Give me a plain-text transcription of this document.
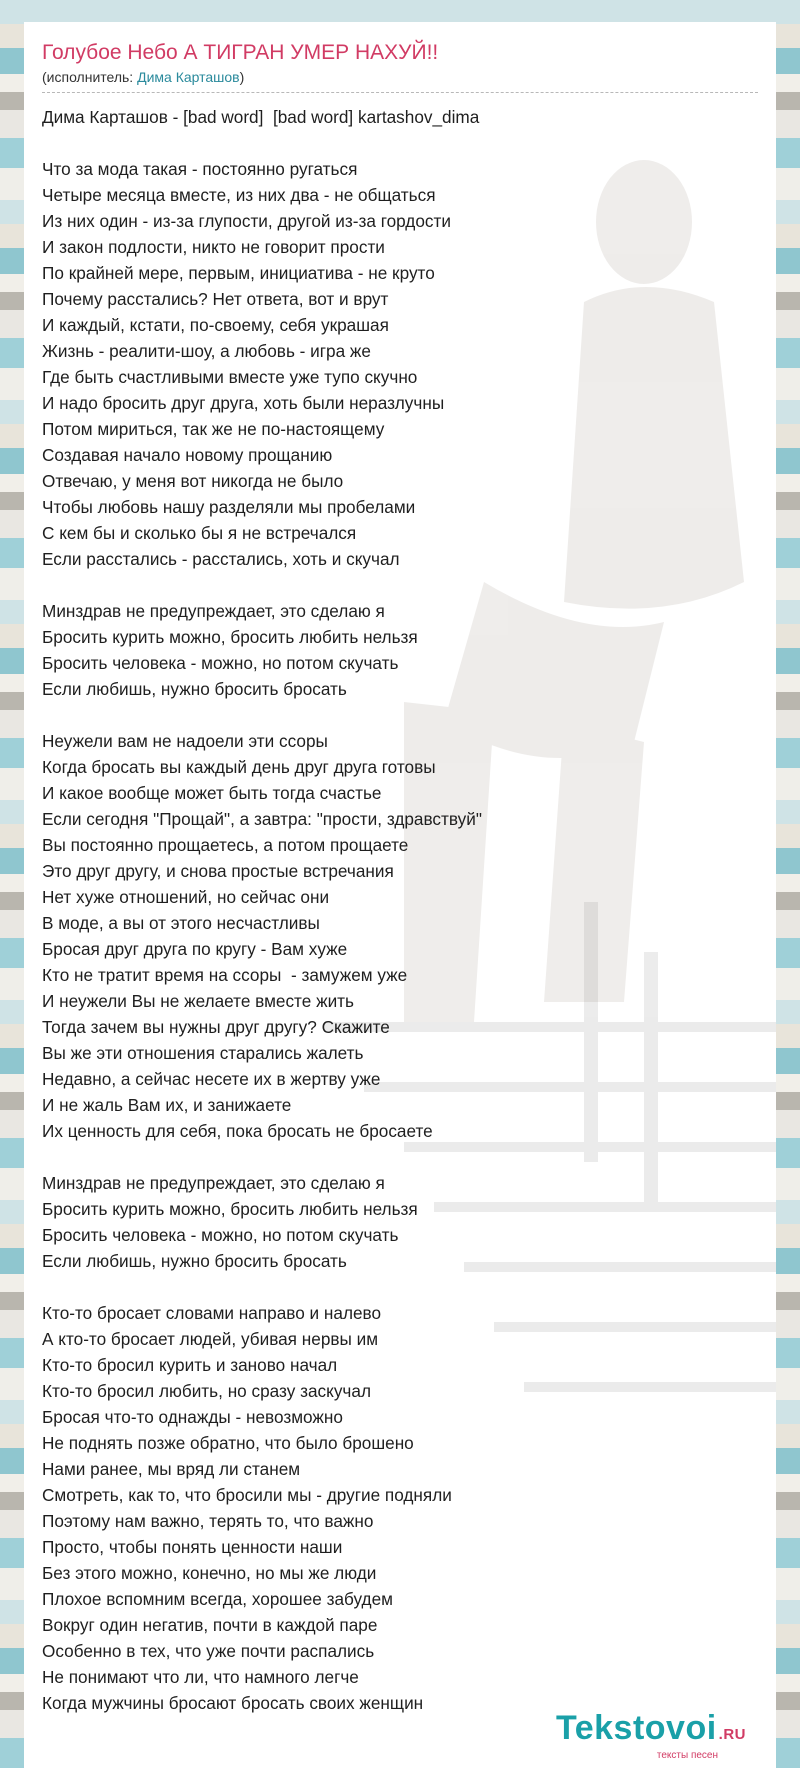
Голубое Небо А ТИГРАН УМЕР НАХУЙ!!
(исполнитель: Дима Карташов)
Дима Карташов - [bad word]  [bad word] kartashov_dima

Что за мода такая - постоянно ругаться
Четыре месяца вместе, из них два - не общаться
Из них один - из-за глупости, другой из-за гордости
И закон подлости, никто не говорит прости
По крайней мере, первым, инициатива - не круто
Почему расстались? Нет ответа, вот и врут
И каждый, кстати, по-своему, себя украшая
Жизнь - реалити-шоу, а любовь - игра же
Где быть счастливыми вместе уже тупо скучно
И надо бросить друг друга, хоть были неразлучны
Потом мириться, так же не по-настоящему
Создавая начало новому прощанию
Отвечаю, у меня вот никогда не было
Чтобы любовь нашу разделяли мы пробелами
С кем бы и сколько бы я не встречался
Если расстались - расстались, хоть и скучал

Минздрав не предупреждает, это сделаю я
Бросить курить можно, бросить любить нельзя
Бросить человека - можно, но потом скучать
Если любишь, нужно бросить бросать

Неужели вам не надоели эти ссоры
Когда бросать вы каждый день друг друга готовы
И какое вообще может быть тогда счастье
Если сегодня "Прощай", а завтра: "прости, здравствуй"
Вы постоянно прощаетесь, а потом прощаете
Это друг другу, и снова простые встречания
Нет хуже отношений, но сейчас они
В моде, а вы от этого несчастливы
Бросая друг друга по кругу - Вам хуже
Кто не тратит время на ссоры  - замужем уже
И неужели Вы не желаете вместе жить
Тогда зачем вы нужны друг другу? Скажите
Вы же эти отношения старались жалеть
Недавно, а сейчас несете их в жертву уже
И не жаль Вам их, и занижаете
Их ценность для себя, пока бросать не бросаете

Минздрав не предупреждает, это сделаю я
Бросить курить можно, бросить любить нельзя
Бросить человека - можно, но потом скучать
Если любишь, нужно бросить бросать

Кто-то бросает словами направо и налево
А кто-то бросает людей, убивая нервы им
Кто-то бросил курить и заново начал
Кто-то бросил любить, но сразу заскучал
Бросая что-то однажды - невозможно
Не поднять позже обратно, что было брошено
Нами ранее, мы вряд ли станем
Смотреть, как то, что бросили мы - другие подняли
Поэтому нам важно, терять то, что важно
Просто, чтобы понять ценности наши
Без этого можно, конечно, но мы же люди
Плохое вспомним всегда, хорошее забудем
Вокруг один негатив, почти в каждой паре
Особенно в тех, что уже почти распались
Не понимают что ли, что намного легче
Когда мужчины бросают бросать своих женщин
Tekstovoi .RU
тексты песен
